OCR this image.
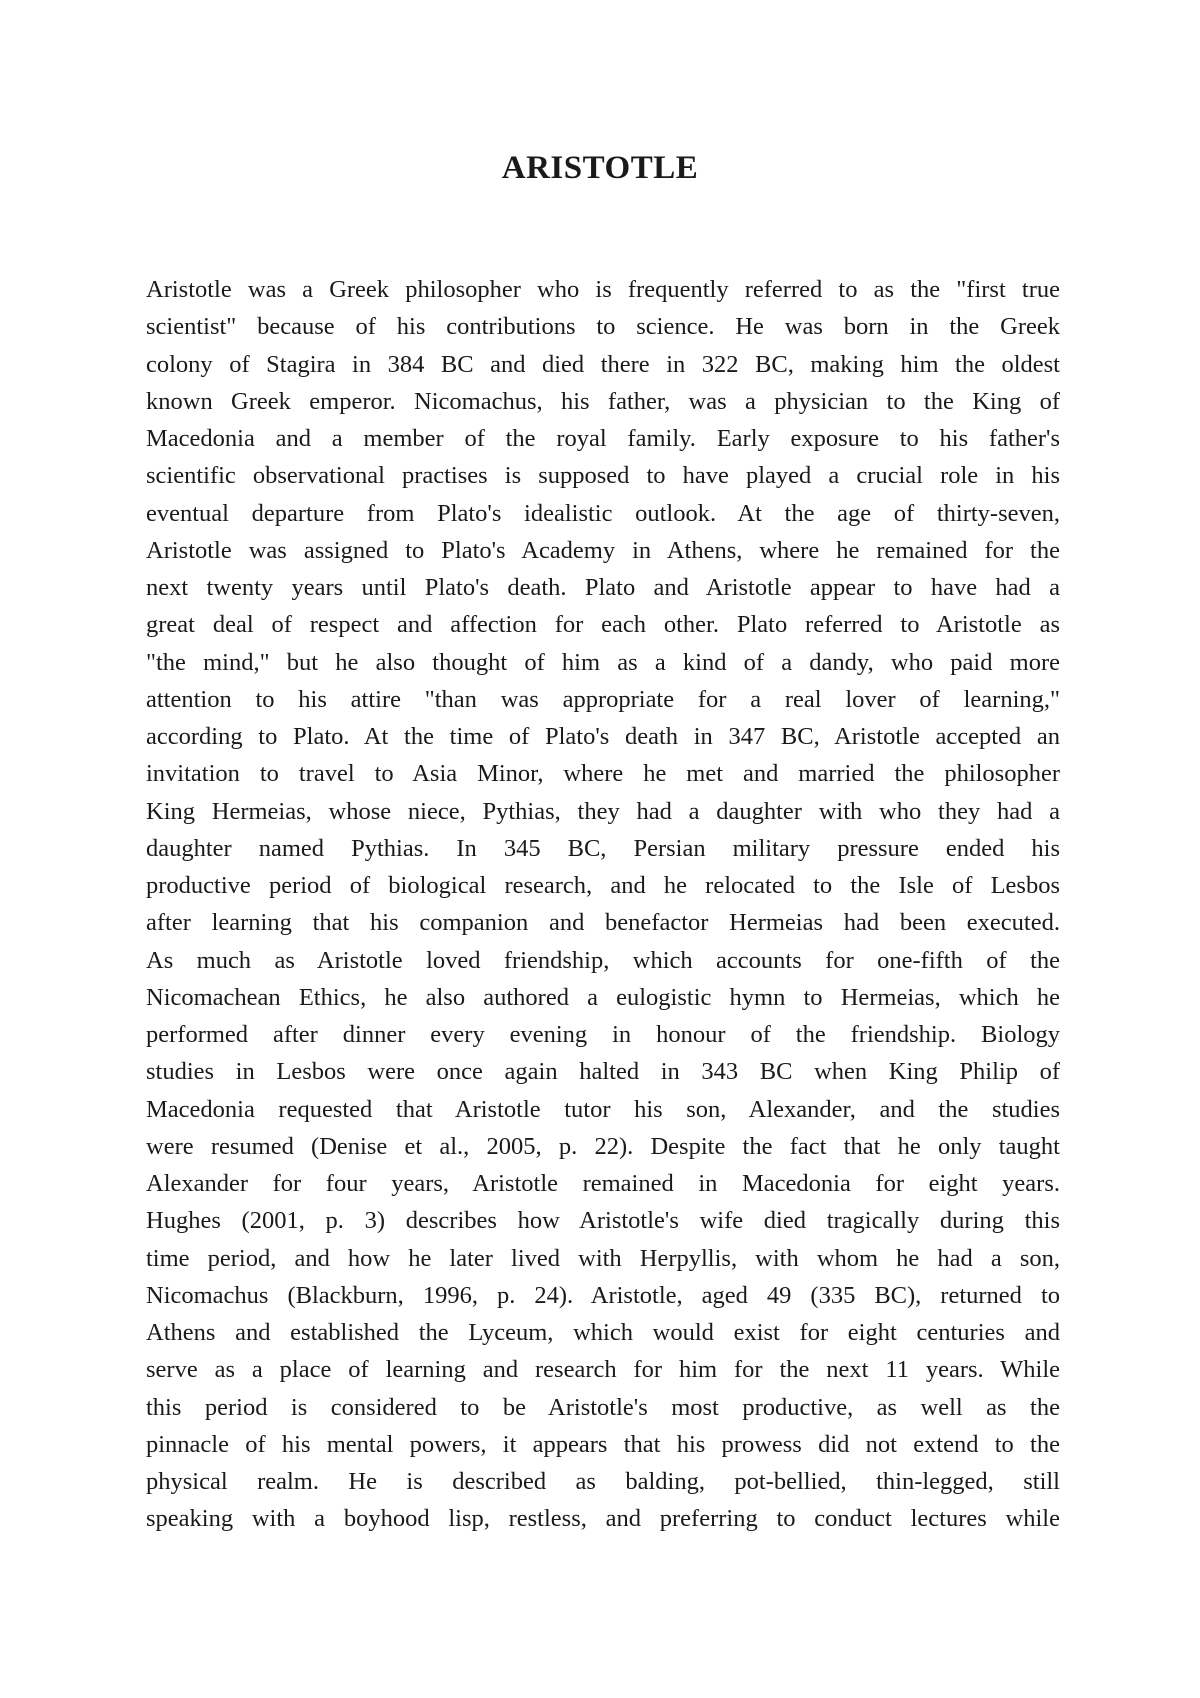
ARISTOTLE
Aristotle was a Greek philosopher who is frequently referred to as the "first true
scientist" because of his contributions to science. He was born in the Greek
colony of Stagira in 384 BC and died there in 322 BC, making him the oldest
known Greek emperor. Nicomachus, his father, was a physician to the King of
Macedonia and a member of the royal family. Early exposure to his father's
scientific observational practises is supposed to have played a crucial role in his
eventual departure from Plato's idealistic outlook. At the age of thirty-seven,
Aristotle was assigned to Plato's Academy in Athens, where he remained for the
next twenty years until Plato's death. Plato and Aristotle appear to have had a
great deal of respect and affection for each other. Plato referred to Aristotle as
"the mind," but he also thought of him as a kind of a dandy, who paid more
attention to his attire "than was appropriate for a real lover of learning,"
according to Plato. At the time of Plato's death in 347 BC, Aristotle accepted an
invitation to travel to Asia Minor, where he met and married the philosopher
King Hermeias, whose niece, Pythias, they had a daughter with who they had a
daughter named Pythias. In 345 BC, Persian military pressure ended his
productive period of biological research, and he relocated to the Isle of Lesbos
after learning that his companion and benefactor Hermeias had been executed.
As much as Aristotle loved friendship, which accounts for one-fifth of the
Nicomachean Ethics, he also authored a eulogistic hymn to Hermeias, which he
performed after dinner every evening in honour of the friendship. Biology
studies in Lesbos were once again halted in 343 BC when King Philip of
Macedonia requested that Aristotle tutor his son, Alexander, and the studies
were resumed (Denise et al., 2005, p. 22). Despite the fact that he only taught
Alexander for four years, Aristotle remained in Macedonia for eight years.
Hughes (2001, p. 3) describes how Aristotle's wife died tragically during this
time period, and how he later lived with Herpyllis, with whom he had a son,
Nicomachus (Blackburn, 1996, p. 24). Aristotle, aged 49 (335 BC), returned to
Athens and established the Lyceum, which would exist for eight centuries and
serve as a place of learning and research for him for the next 11 years. While
this period is considered to be Aristotle's most productive, as well as the
pinnacle of his mental powers, it appears that his prowess did not extend to the
physical realm. He is described as balding, pot-bellied, thin-legged, still
speaking with a boyhood lisp, restless, and preferring to conduct lectures while
